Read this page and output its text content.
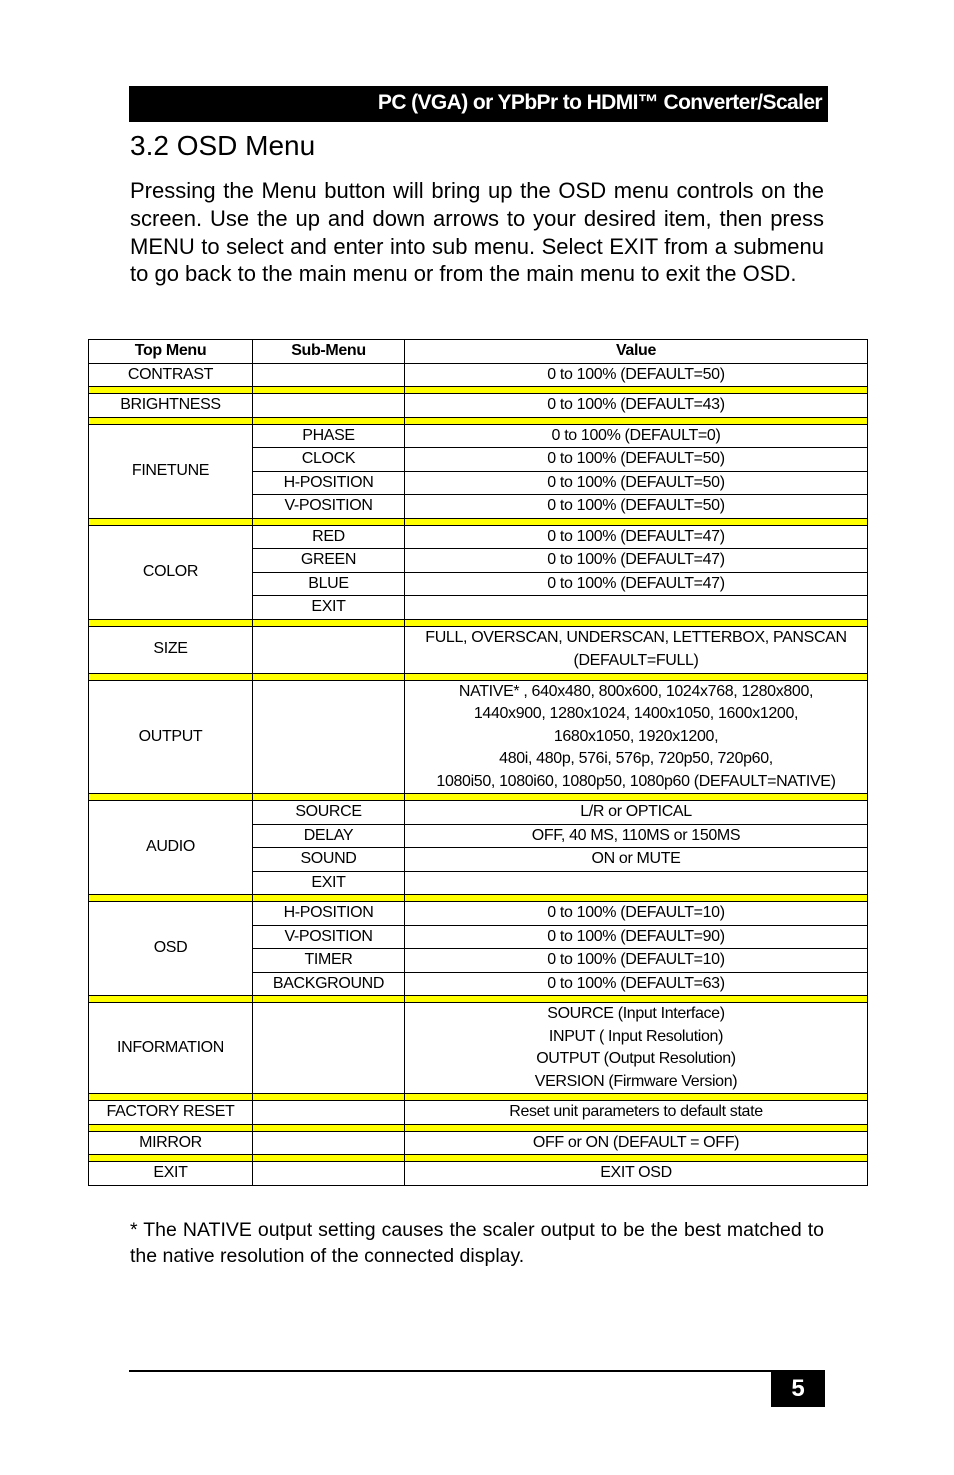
PC (VGA) or YPbPr to HDMI™ Converter/Scaler
3.2 OSD Menu

Pressing the Menu button will bring up the OSD menu controls on the screen. Use the up and down arrows to your desired item, then press MENU to select and enter into sub menu. Select EXIT from a submenu to go back to the main menu or from the main menu to exit the OSD.

Top Menu	Sub-Menu	Value
CONTRAST		0 to 100% (DEFAULT=50)

BRIGHTNESS		0 to 100% (DEFAULT=43)

FINETUNE	PHASE	0 to 100% (DEFAULT=0)
	CLOCK	0 to 100% (DEFAULT=50)
	H-POSITION	0 to 100% (DEFAULT=50)
	V-POSITION	0 to 100% (DEFAULT=50)

COLOR	RED	0 to 100% (DEFAULT=47)
	GREEN	0 to 100% (DEFAULT=47)
	BLUE	0 to 100% (DEFAULT=47)
	EXIT	

SIZE		FULL, OVERSCAN, UNDERSCAN, LETTERBOX, PANSCAN
(DEFAULT=FULL)

OUTPUT		NATIVE* , 640x480, 800x600, 1024x768, 1280x800,
1440x900, 1280x1024, 1400x1050, 1600x1200,
1680x1050, 1920x1200,
480i, 480p, 576i, 576p, 720p50, 720p60,
1080i50, 1080i60, 1080p50, 1080p60 (DEFAULT=NATIVE)

AUDIO	SOURCE	L/R or OPTICAL
	DELAY	OFF, 40 MS, 110MS or 150MS
	SOUND	ON or MUTE
	EXIT	

OSD	H-POSITION	0 to 100% (DEFAULT=10)
	V-POSITION	0 to 100% (DEFAULT=90)
	TIMER	0 to 100% (DEFAULT=10)
	BACKGROUND	0 to 100% (DEFAULT=63)

INFORMATION		SOURCE (Input Interface)
INPUT ( Input Resolution)
OUTPUT (Output Resolution)
VERSION (Firmware Version)

FACTORY RESET		Reset unit parameters to default state

MIRROR		OFF or ON (DEFAULT = OFF)

EXIT		EXIT OSD

* The NATIVE output setting causes the scaler output to be the best matched to the native resolution of the connected display.

5
